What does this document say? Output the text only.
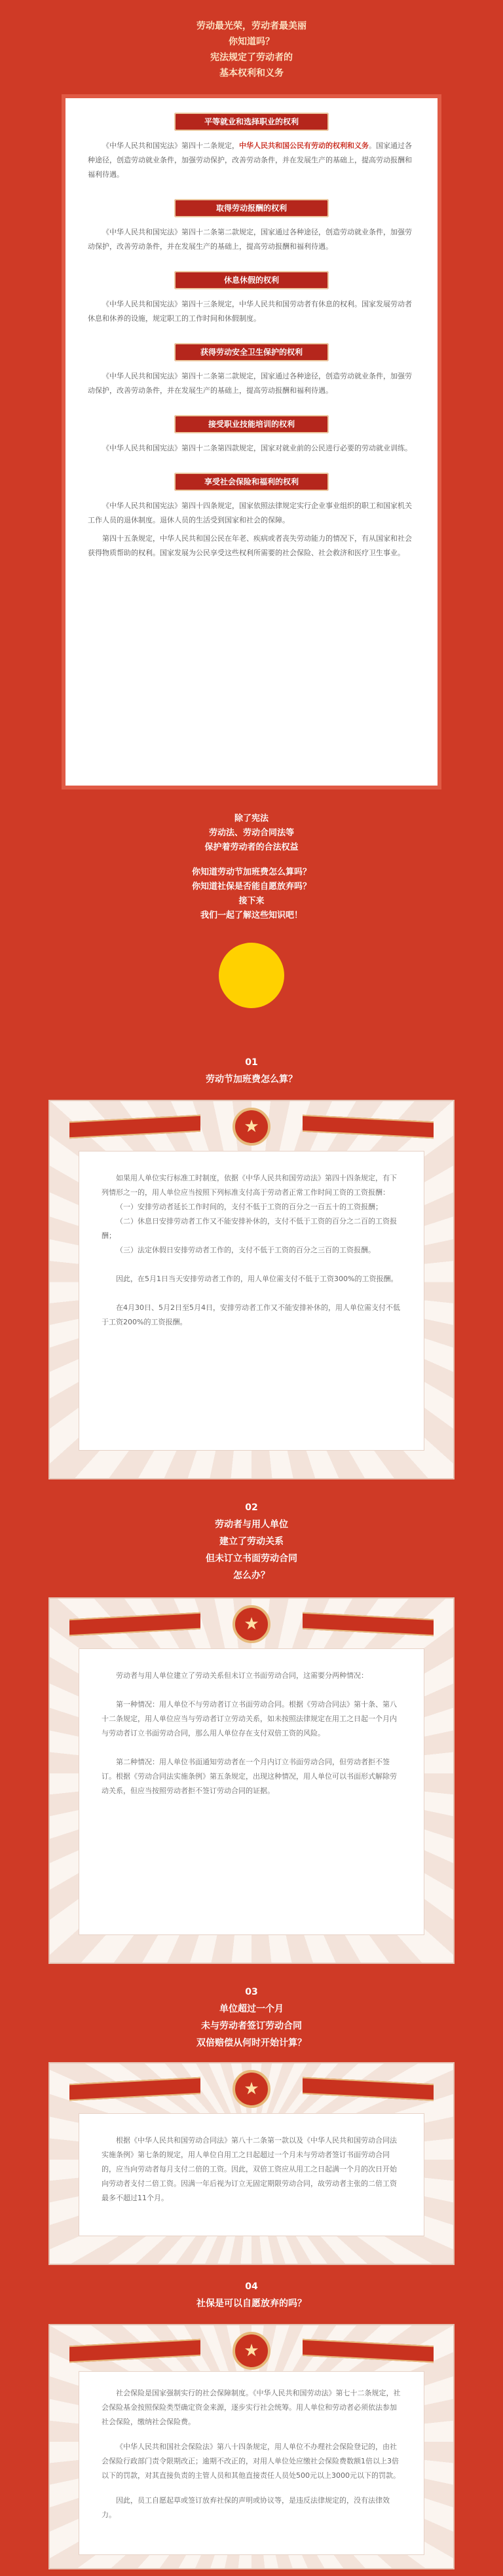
劳动最光荣，劳动者最美丽
你知道吗？
宪法规定了劳动者的
基本权利和义务
平等就业和选择职业的权利

《中华人民共和国宪法》第四十二条规定，中华人民共和国公民有劳动的权利和义务。国家通过各种途径，创造劳动就业条件，加强劳动保护，改善劳动条件，并在发展生产的基础上，提高劳动报酬和福利待遇。

取得劳动报酬的权利

《中华人民共和国宪法》第四十二条第二款规定，国家通过各种途径，创造劳动就业条件，加强劳动保护，改善劳动条件，并在发展生产的基础上，提高劳动报酬和福利待遇。

休息休假的权利

《中华人民共和国宪法》第四十三条规定，中华人民共和国劳动者有休息的权利。国家发展劳动者休息和休养的设施，规定职工的工作时间和休假制度。

获得劳动安全卫生保护的权利

《中华人民共和国宪法》第四十二条第二款规定，国家通过各种途径，创造劳动就业条件，加强劳动保护，改善劳动条件，并在发展生产的基础上，提高劳动报酬和福利待遇。

接受职业技能培训的权利

《中华人民共和国宪法》第四十二条第四款规定，国家对就业前的公民进行必要的劳动就业训练。

享受社会保险和福利的权利

《中华人民共和国宪法》第四十四条规定，国家依照法律规定实行企业事业组织的职工和国家机关工作人员的退休制度。退休人员的生活受到国家和社会的保障。

第四十五条规定，中华人民共和国公民在年老、疾病或者丧失劳动能力的情况下，有从国家和社会获得物质帮助的权利。国家发展为公民享受这些权利所需要的社会保险、社会救济和医疗卫生事业。

除了宪法
劳动法、劳动合同法等
保护着劳动者的合法权益
你知道劳动节加班费怎么算吗？
你知道社保是否能自愿放弃吗？
接下来
我们一起了解这些知识吧！
01
劳动节加班费怎么算？
★

如果用人单位实行标准工时制度，依据《中华人民共和国劳动法》第四十四条规定，有下列情形之一的，用人单位应当按照下列标准支付高于劳动者正常工作时间工资的工资报酬：

（一）安排劳动者延长工作时间的，支付不低于工资的百分之一百五十的工资报酬；

（二）休息日安排劳动者工作又不能安排补休的，支付不低于工资的百分之二百的工资报酬；

（三）法定休假日安排劳动者工作的，支付不低于工资的百分之三百的工资报酬。

因此，在5月1日当天安排劳动者工作的，用人单位需支付不低于工资300%的工资报酬。

在4月30日、5月2日至5月4日，安排劳动者工作又不能安排补休的，用人单位需支付不低于工资200%的工资报酬。

02
劳动者与用人单位
建立了劳动关系
但未订立书面劳动合同
怎么办？
★

劳动者与用人单位建立了劳动关系但未订立书面劳动合同，这需要分两种情况：

第一种情况：用人单位不与劳动者订立书面劳动合同。根据《劳动合同法》第十条、第八十二条规定，用人单位应当与劳动者订立劳动关系，如未按照法律规定在用工之日起一个月内与劳动者订立书面劳动合同，那么用人单位存在支付双倍工资的风险。

第二种情况：用人单位书面通知劳动者在一个月内订立书面劳动合同，但劳动者拒不签订。根据《劳动合同法实施条例》第五条规定，出现这种情况，用人单位可以书面形式解除劳动关系，但应当按照劳动者拒不签订劳动合同的证据。

03
单位超过一个月
未与劳动者签订劳动合同
双倍赔偿从何时开始计算？
★

根据《中华人民共和国劳动合同法》第八十二条第一款以及《中华人民共和国劳动合同法实施条例》第七条的规定，用人单位自用工之日起超过一个月未与劳动者签订书面劳动合同的，应当向劳动者每月支付二倍的工资。因此，双倍工资应从用工之日起满一个月的次日开始向劳动者支付二倍工资。因满一年后视为订立无固定期限劳动合同，故劳动者主张的二倍工资最多不超过11个月。

04
社保是可以自愿放弃的吗？
★

社会保险是国家强制实行的社会保障制度。《中华人民共和国劳动法》第七十二条规定，社会保险基金按照保险类型确定资金来源，逐步实行社会统筹。用人单位和劳动者必须依法参加社会保险，缴纳社会保险费。

《中华人民共和国社会保险法》第八十四条规定，用人单位不办理社会保险登记的，由社会保险行政部门责令限期改正；逾期不改正的，对用人单位处应缴社会保险费数额1倍以上3倍以下的罚款，对其直接负责的主管人员和其他直接责任人员处500元以上3000元以下的罚款。

因此，员工自愿起草或签订放弃社保的声明或协议等，是违反法律规定的，没有法律效力。
